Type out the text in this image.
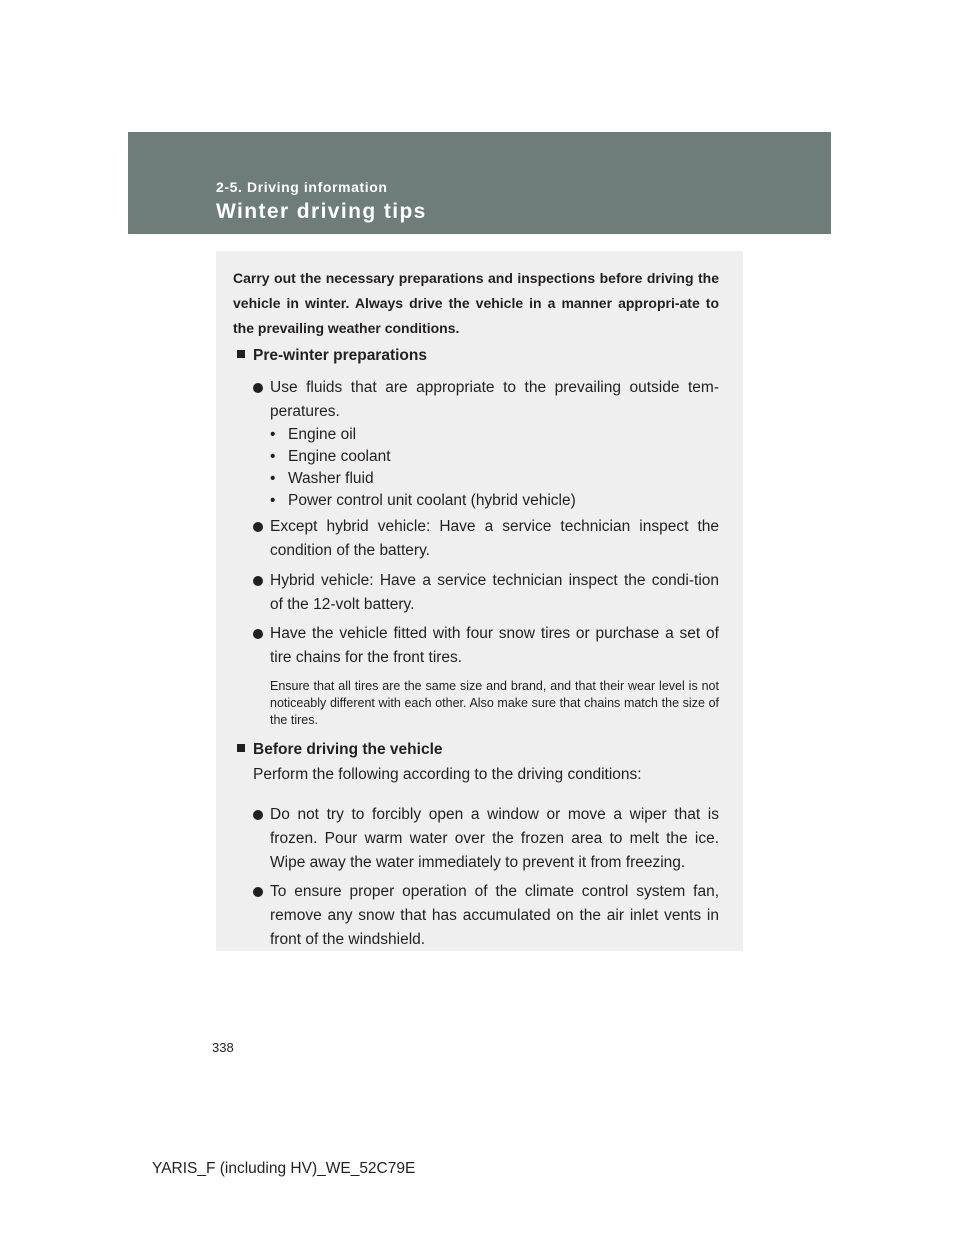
2-5. Driving information
Winter driving tips
Carry out the necessary preparations and inspections before driving the vehicle in winter. Always drive the vehicle in a manner appropri-ate to the prevailing weather conditions.
Pre-winter preparations
Use fluids that are appropriate to the prevailing outside tem-peratures.
• Engine oil
• Engine coolant
• Washer fluid
• Power control unit coolant (hybrid vehicle)
Except hybrid vehicle: Have a service technician inspect the condition of the battery.
Hybrid vehicle: Have a service technician inspect the condi-tion of the 12-volt battery.
Have the vehicle fitted with four snow tires or purchase a set of tire chains for the front tires.
Ensure that all tires are the same size and brand, and that their wear level is not noticeably different with each other. Also make sure that chains match the size of the tires.
Before driving the vehicle
Perform the following according to the driving conditions:
Do not try to forcibly open a window or move a wiper that is frozen. Pour warm water over the frozen area to melt the ice. Wipe away the water immediately to prevent it from freezing.
To ensure proper operation of the climate control system fan, remove any snow that has accumulated on the air inlet vents in front of the windshield.
338
YARIS_F (including HV)_WE_52C79E
